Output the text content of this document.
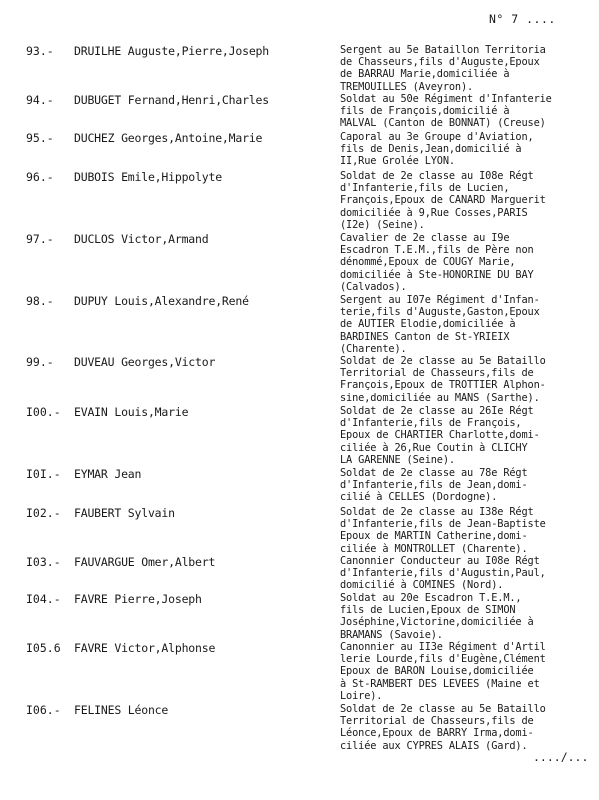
N° 7 ....
93.- DRUILHE Auguste,Pierre,Joseph	Sergent au 5e Bataillon Territoria
de Chasseurs,fils d'Auguste,Epoux
de BARRAU Marie,domiciliée à
TREMOUILLES (Aveyron).
94.- DUBUGET Fernand,Henri,Charles	Soldat au 50e Régiment d'Infanterie
fils de François,domicilié à
MALVAL (Canton de BONNAT) (Creuse)
95.- DUCHEZ Georges,Antoine,Marie	Caporal au 3e Groupe d'Aviation,
fils de Denis,Jean,domicilié à
II,Rue Grolée LYON.
96.- DUBOIS Emile,Hippolyte	Soldat de 2e classe au I08e Régt
d'Infanterie,fils de Lucien,
François,Epoux de CANARD Marguerit
domiciliée à 9,Rue Cosses,PARIS
(I2e) (Seine).
97.- DUCLOS Victor,Armand	Cavalier de 2e classe au I9e
Escadron T.E.M.,fils de Père non
dénommé,Epoux de COUGY Marie,
domiciliée à Ste-HONORINE DU BAY
(Calvados).
98.- DUPUY Louis,Alexandre,René	Sergent au I07e Régiment d'Infan-
terie,fils d'Auguste,Gaston,Epoux
de AUTIER Elodie,domiciliée à
BARDINES Canton de St-YRIEIX
(Charente).
99.- DUVEAU Georges,Victor	Soldat de 2e classe au 5e Bataillo
Territorial de Chasseurs,fils de
François,Epoux de TROTTIER Alphon-
sine,domiciliée au MANS (Sarthe).
I00.- EVAIN Louis,Marie	Soldat de 2e classe au 26Ie Régt
d'Infanterie,fils de François,
Epoux de CHARTIER Charlotte,domi-
ciliée à 26,Rue Coutin à CLICHY
LA GARENNE (Seine).
I0I.- EYMAR Jean	Soldat de 2e classe au 78e Régt
d'Infanterie,fils de Jean,domi-
cilié à CELLES (Dordogne).
I02.- FAUBERT Sylvain	Soldat de 2e classe au I38e Régt
d'Infanterie,fils de Jean-Baptiste
Epoux de MARTIN Catherine,domi-
ciliée à MONTROLLET (Charente).
I03.- FAUVARGUE Omer,Albert	Canonnier Conducteur au I08e Régt
d'Infanterie,fils d'Augustin,Paul,
domicilié à COMINES (Nord).
I04.- FAVRE Pierre,Joseph	Soldat au 20e Escadron T.E.M.,
fils de Lucien,Epoux de SIMON
Joséphine,Victorine,domiciliée à
BRAMANS (Savoie).
I05.6 FAVRE Victor,Alphonse	Canonnier au II3e Régiment d'Artil
lerie Lourde,fils d'Eugène,Clément
Epoux de BARON Louise,domiciliée
à St-RAMBERT DES LEVEES (Maine et
Loire).
I06.- FELINES Léonce	Soldat de 2e classe au 5e Bataillo
Territorial de Chasseurs,fils de
Léonce,Epoux de BARRY Irma,domi-
ciliée aux CYPRES ALAIS (Gard).
..../...
